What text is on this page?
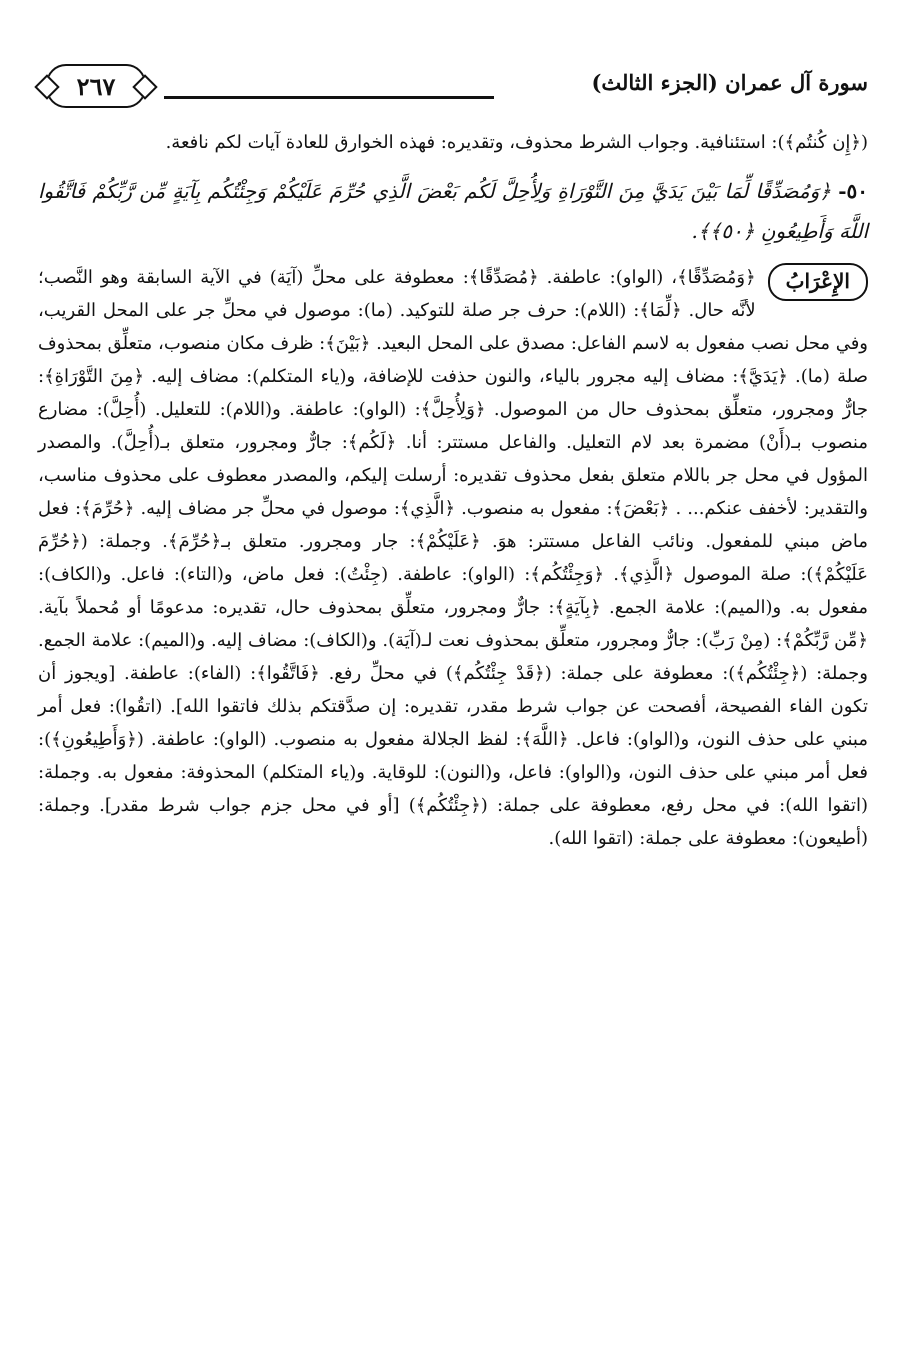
٢٦٧	سورة آل عمران (الجزء الثالث)

(﴿إِن كُنتُم﴾): استئنافية. وجواب الشرط محذوف، وتقديره: فهذه الخوارق للعادة آيات لكم نافعة.

٥٠- ﴿وَمُصَدِّقًا لِّمَا بَيْنَ يَدَيَّ مِنَ التَّوْرَاةِ وَلِأُحِلَّ لَكُم بَعْضَ الَّذِي حُرِّمَ عَلَيْكُمْ وَجِئْتُكُم بِآيَةٍ مِّن رَّبِّكُمْ فَاتَّقُوا اللَّهَ وَأَطِيعُونِ ﴿٥٠﴾﴾.

الإِعْرَابُ

﴿وَمُصَدِّقًا﴾، (الواو): عاطفة. ﴿مُصَدِّقًا﴾: معطوفة على محلِّ (آيَة) في الآية السابقة وهو النَّصب؛ لأنَّه حال. ﴿لِّمَا﴾: (اللام): حرف جر صلة للتوكيد. (ما): موصول في محلِّ جر على المحل القريب، وفي محل نصب مفعول به لاسم الفاعل: مصدق على المحل البعيد. ﴿بَيْنَ﴾: ظرف مكان منصوب، متعلِّق بمحذوف صلة (ما). ﴿يَدَيَّ﴾: مضاف إليه مجرور بالياء، والنون حذفت للإضافة، و(ياء المتكلم): مضاف إليه. ﴿مِنَ التَّوْرَاةِ﴾: جارٌّ ومجرور، متعلِّق بمحذوف حال من الموصول. ﴿وَلِأُحِلَّ﴾: (الواو): عاطفة. و(اللام): للتعليل. (أُحِلَّ): مضارع منصوب بـ(أَنْ) مضمرة بعد لام التعليل. والفاعل مستتر: أنا. ﴿لَكُم﴾: جارٌّ ومجرور، متعلق بـ(أُحِلَّ). والمصدر المؤول في محل جر باللام متعلق بفعل محذوف تقديره: أرسلت إليكم، والمصدر معطوف على محذوف مناسب، والتقدير: لأخفف عنكم... . ﴿بَعْضَ﴾: مفعول به منصوب. ﴿الَّذِي﴾: موصول في محلِّ جر مضاف إليه. ﴿حُرِّمَ﴾: فعل ماض مبني للمفعول. ونائب الفاعل مستتر: هوَ. ﴿عَلَيْكُمْ﴾: جار ومجرور. متعلق بـ﴿حُرِّمَ﴾. وجملة: (﴿حُرِّمَ عَلَيْكُمْ﴾): صلة الموصول ﴿الَّذِي﴾. ﴿وَجِئْتُكُم﴾: (الواو): عاطفة. (جِئْتُ): فعل ماض، و(التاء): فاعل. و(الكاف): مفعول به. و(الميم): علامة الجمع. ﴿بِآيَةٍ﴾: جارٌّ ومجرور، متعلِّق بمحذوف حال، تقديره: مدعومًا أو مُحملاً بآية. ﴿مِّن رَّبِّكُمْ﴾: (مِنْ رَبِّ): جارٌّ ومجرور، متعلِّق بمحذوف نعت لـ(آيَة). و(الكاف): مضاف إليه. و(الميم): علامة الجمع. وجملة: (﴿جِئْتُكُم﴾): معطوفة على جملة: (﴿قَدْ جِئْتُكُم﴾) في محلِّ رفع. ﴿فَاتَّقُوا﴾: (الفاء): عاطفة. [ويجوز أن تكون الفاء الفصيحة، أفصحت عن جواب شرط مقدر، تقديره: إن صدَّقتكم بذلك فاتقوا الله]. (اتقُوا): فعل أمر مبني على حذف النون، و(الواو): فاعل. ﴿اللَّهَ﴾: لفظ الجلالة مفعول به منصوب. (الواو): عاطفة. (﴿وَأَطِيعُونِ﴾): فعل أمر مبني على حذف النون، و(الواو): فاعل، و(النون): للوقاية. و(ياء المتكلم) المحذوفة: مفعول به. وجملة: (اتقوا الله): في محل رفع، معطوفة على جملة: (﴿جِئْتُكُم﴾) [أو في محل جزم جواب شرط مقدر]. وجملة: (أطيعون): معطوفة على جملة: (اتقوا الله).
